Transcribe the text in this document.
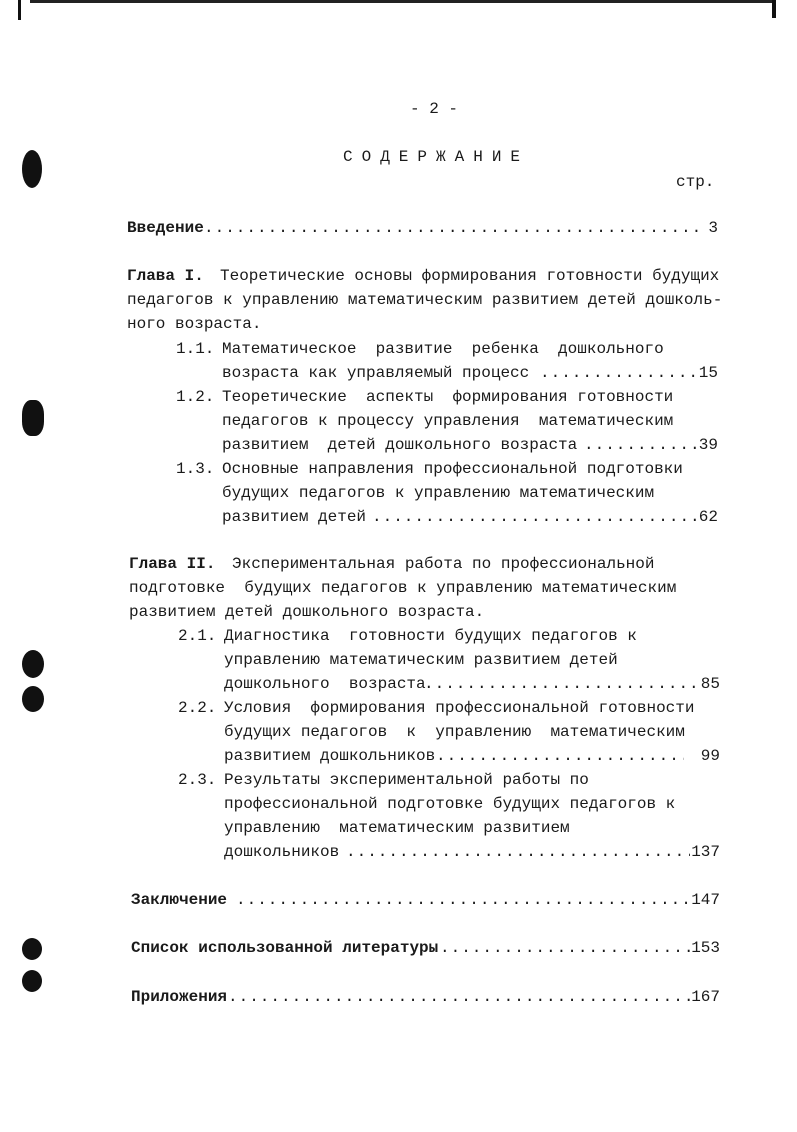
- 2 -
СОДЕРЖАНИЕ
стр.
Введение .....	3
Глава I. Теоретические основы формирования готовности будущих
педагогов к управлению математическим развитием детей дошколь-
ного возраста.
1.1. Математическое  развитие  ребенка  дошкольного
возраста как управляемый процесс .....	15
1.2. Теоретические  аспекты  формирования готовности
педагогов к процессу управления  математическим
развитием  детей дошкольного возраста .....	39
1.3. Основные направления профессиональной подготовки
будущих педагогов к управлению математическим
развитием детей .....	62
Глава II. Экспериментальная работа по профессиональной
подготовке  будущих педагогов к управлению математическим
развитием детей дошкольного возраста.
2.1. Диагностика  готовности будущих педагогов к
управлению математическим развитием детей
дошкольного  возраста .....	85
2.2. Условия  формирования профессиональной готовности
будущих педагогов  к  управлению  математическим
развитием дошкольников .....	99
2.3. Результаты экспериментальной работы по
профессиональной подготовке будущих педагогов к
управлению  математическим развитием
дошкольников .....	137
Заключение .....	147
Список использованной литературы .....	153
Приложения .....	167
